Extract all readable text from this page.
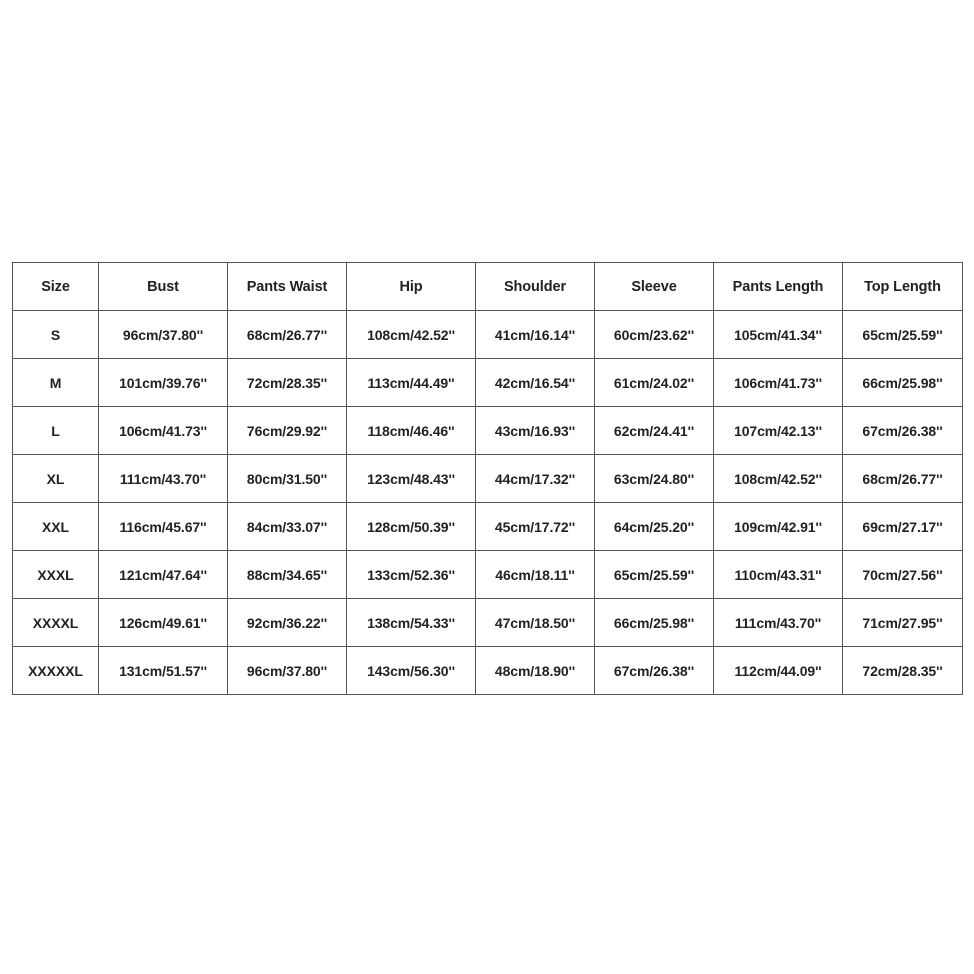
Size	Bust	Pants Waist	Hip	Shoulder	Sleeve	Pants Length	Top Length
S	96cm/37.80''	68cm/26.77''	108cm/42.52''	41cm/16.14''	60cm/23.62''	105cm/41.34''	65cm/25.59''
M	101cm/39.76''	72cm/28.35''	113cm/44.49''	42cm/16.54''	61cm/24.02''	106cm/41.73''	66cm/25.98''
L	106cm/41.73''	76cm/29.92''	118cm/46.46''	43cm/16.93''	62cm/24.41''	107cm/42.13''	67cm/26.38''
XL	111cm/43.70''	80cm/31.50''	123cm/48.43''	44cm/17.32''	63cm/24.80''	108cm/42.52''	68cm/26.77''
XXL	116cm/45.67''	84cm/33.07''	128cm/50.39''	45cm/17.72''	64cm/25.20''	109cm/42.91''	69cm/27.17''
XXXL	121cm/47.64''	88cm/34.65''	133cm/52.36''	46cm/18.11''	65cm/25.59''	110cm/43.31''	70cm/27.56''
XXXXL	126cm/49.61''	92cm/36.22''	138cm/54.33''	47cm/18.50''	66cm/25.98''	111cm/43.70''	71cm/27.95''
XXXXXL	131cm/51.57''	96cm/37.80''	143cm/56.30''	48cm/18.90''	67cm/26.38''	112cm/44.09''	72cm/28.35''
